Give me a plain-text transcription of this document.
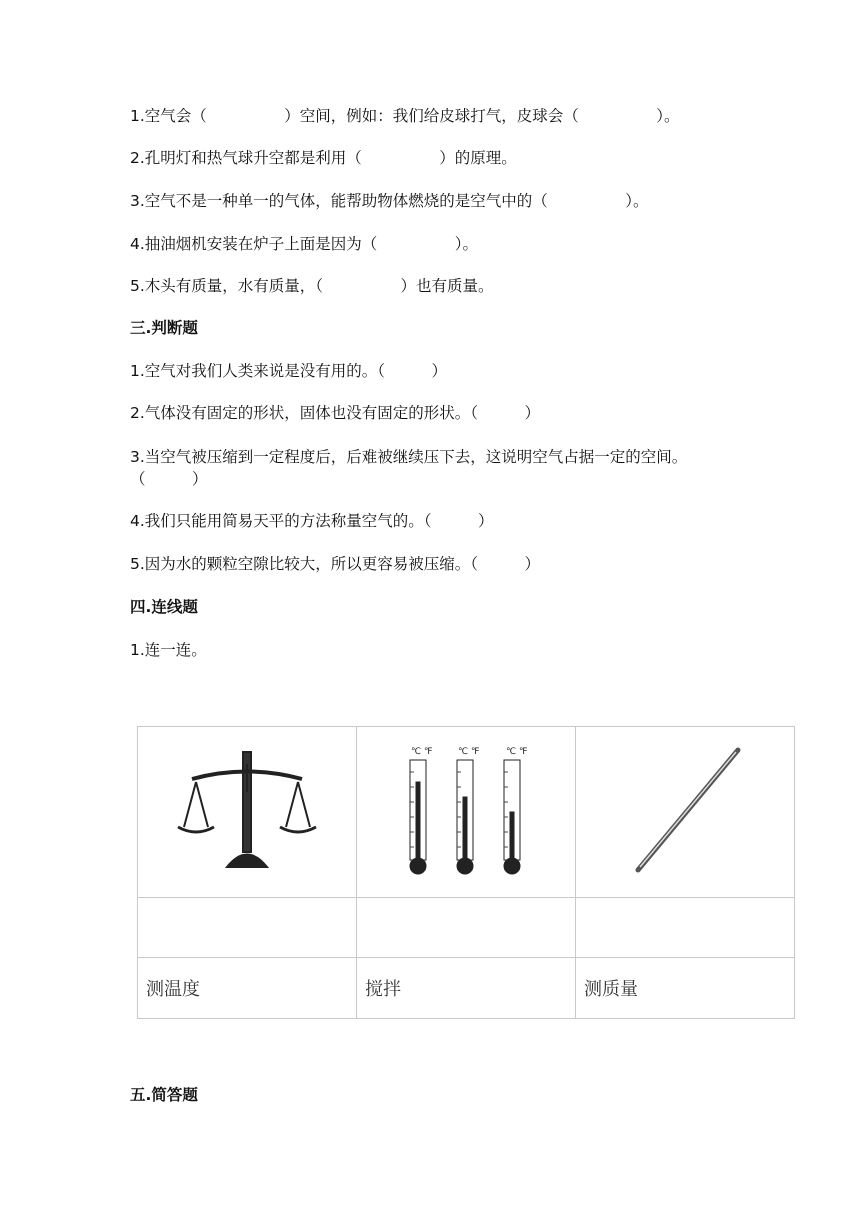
1.空气会（　　　　　）空间，例如：我们给皮球打气，皮球会（　　　　　）。
2.孔明灯和热气球升空都是利用（　　　　　）的原理。
3.空气不是一种单一的气体，能帮助物体燃烧的是空气中的（　　　　　）。
4.抽油烟机安装在炉子上面是因为（　　　　　）。
5.木头有质量，水有质量，（　　　　　）也有质量。
三.判断题
1.空气对我们人类来说是没有用的。（　　　）
2.气体没有固定的形状，固体也没有固定的形状。（　　　）
3.当空气被压缩到一定程度后，后难被继续压下去，这说明空气占据一定的空间。（　　　）
4.我们只能用简易天平的方法称量空气的。（　　　）
5.因为水的颗粒空隙比较大，所以更容易被压缩。（　　　）
四.连线题
1.连一连。

℃ ℉ ℃ ℉ ℃ ℉

测温度	搅拌	测质量
五.简答题
